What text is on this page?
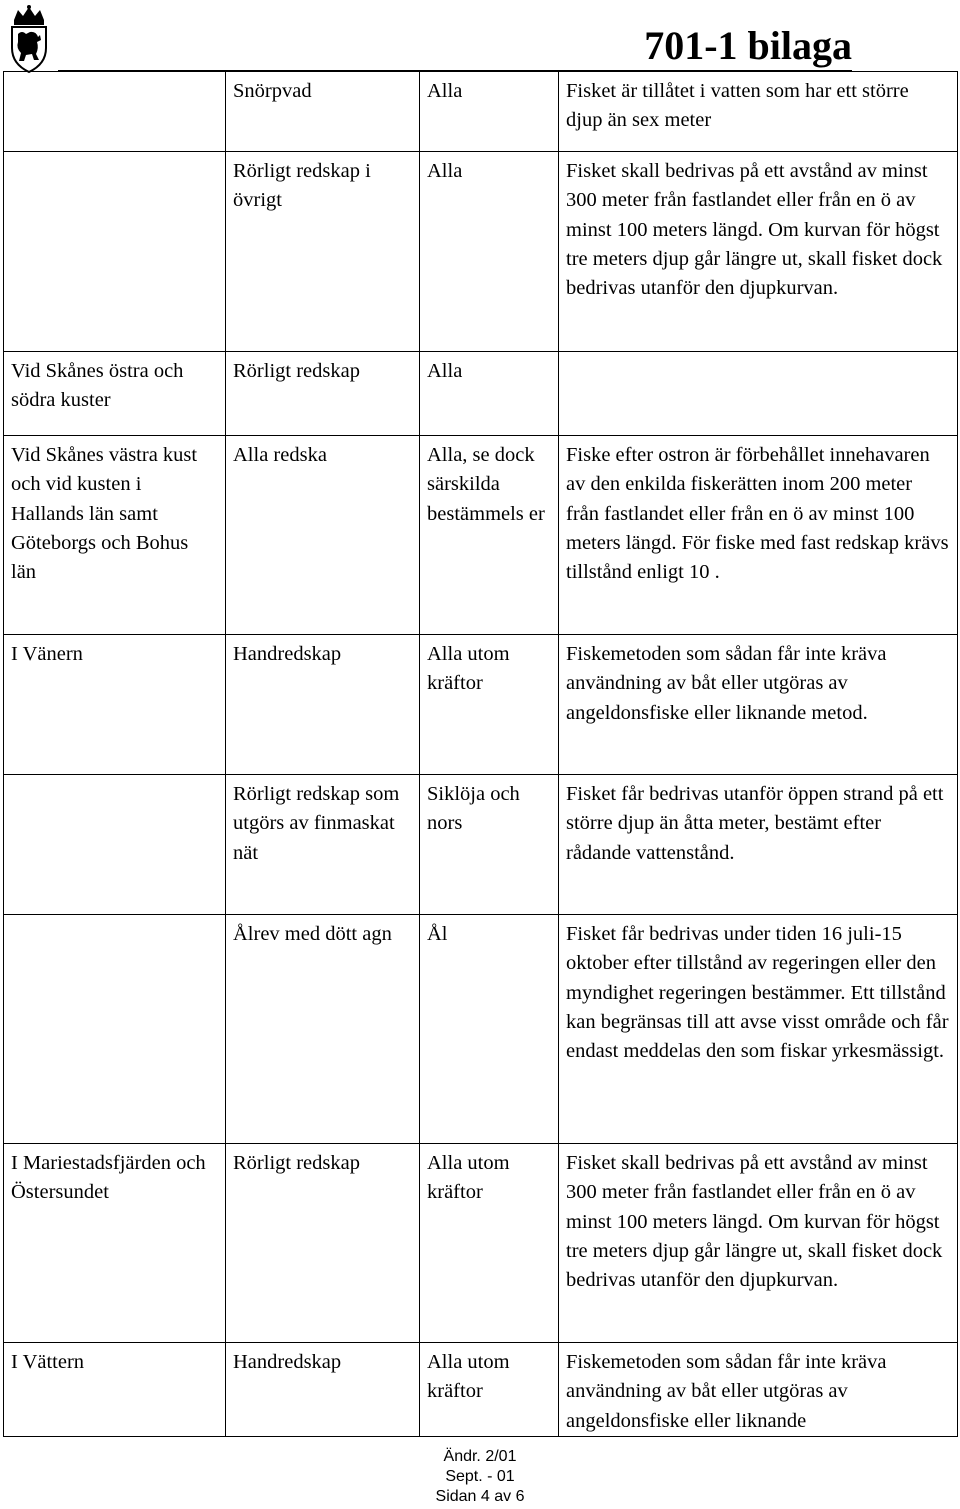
701-1 bilaga
	Snörpvad	Alla	Fisket är tillåtet i vatten som har ett större djup än sex meter
	Rörligt redskap i övrigt	Alla	Fisket skall bedrivas på ett avstånd av minst 300 meter från fastlandet eller från en ö av minst 100 meters längd. Om kurvan för högst tre meters djup går längre ut, skall fisket dock bedrivas utanför den djupkurvan.
Vid Skånes östra och södra kuster	Rörligt redskap	Alla	
Vid Skånes västra kust och vid kusten i Hallands län samt Göteborgs och Bohus län	Alla redska	Alla, se dock särskilda bestämmels er	Fiske efter ostron är förbehållet innehavaren av den enkilda fiskerätten inom 200 meter från fastlandet eller från en ö av minst 100 meters längd. För fiske med fast redskap krävs tillstånd enligt 10 .
I Vänern	Handredskap	Alla utom kräftor	Fiskemetoden som sådan får inte kräva användning av båt eller utgöras av angeldonsfiske eller liknande metod.
	Rörligt redskap som utgörs av finmaskat nät	Siklöja och nors	Fisket får bedrivas utanför öppen strand på ett större djup än åtta meter, bestämt efter rådande vattenstånd.
	Ålrev med dött agn	Ål	Fisket får bedrivas under tiden 16 juli-15 oktober efter tillstånd av regeringen eller den myndighet regeringen bestämmer. Ett tillstånd kan begränsas till att avse visst område och får endast meddelas den som fiskar yrkesmässigt.
I Mariestadsfjärden och Östersundet	Rörligt redskap	Alla utom kräftor	Fisket skall bedrivas på ett avstånd av minst 300 meter från fastlandet eller från en ö av minst 100 meters längd. Om kurvan för högst tre meters djup går längre ut, skall fisket dock bedrivas utanför den djupkurvan.
I Vättern	Handredskap	Alla utom kräftor	Fiskemetoden som sådan får inte kräva användning av båt eller utgöras av angeldonsfiske eller liknande
Ändr. 2/01
Sept. - 01
Sidan 4 av 6
